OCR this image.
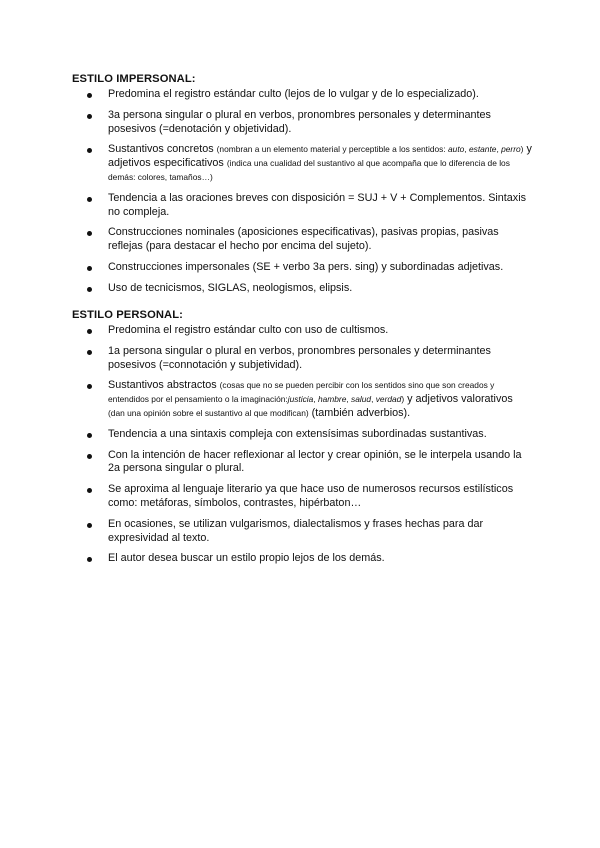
ESTILO IMPERSONAL:
Predomina el registro estándar culto (lejos de lo vulgar y de lo especializado).
3a persona singular o plural en verbos, pronombres personales y determinantes posesivos (=denotación y objetividad).
Sustantivos concretos (nombran a un elemento material y perceptible a los sentidos: auto, estante, perro) y adjetivos especificativos (indica una cualidad del sustantivo al que acompaña que lo diferencia de los demás: colores, tamaños…)
Tendencia a las oraciones breves con disposición = SUJ + V + Complementos. Sintaxis no compleja.
Construcciones nominales (aposiciones especificativas), pasivas propias, pasivas reflejas (para destacar el hecho por encima del sujeto).
Construcciones impersonales (SE + verbo 3a pers. sing) y subordinadas adjetivas.
Uso de tecnicismos, SIGLAS, neologismos, elipsis.
ESTILO PERSONAL:
Predomina el registro estándar culto con uso de cultismos.
1a persona singular o plural en verbos, pronombres personales y determinantes posesivos (=connotación y subjetividad).
Sustantivos abstractos (cosas que no se pueden percibir con los sentidos sino que son creados y entendidos por el pensamiento o la imaginación:justicia, hambre, salud, verdad) y adjetivos valorativos (dan una opinión sobre el sustantivo al que modifican) (también adverbios).
Tendencia a una sintaxis compleja con extensísimas subordinadas sustantivas.
Con la intención de hacer reflexionar al lector y crear opinión, se le interpela usando la 2a persona singular o plural.
Se aproxima al lenguaje literario ya que hace uso de numerosos recursos estilísticos como: metáforas, símbolos, contrastes, hipérbaton…
En ocasiones, se utilizan vulgarismos, dialectalismos y frases hechas para dar expresividad al texto.
El autor desea buscar un estilo propio lejos de los demás.
